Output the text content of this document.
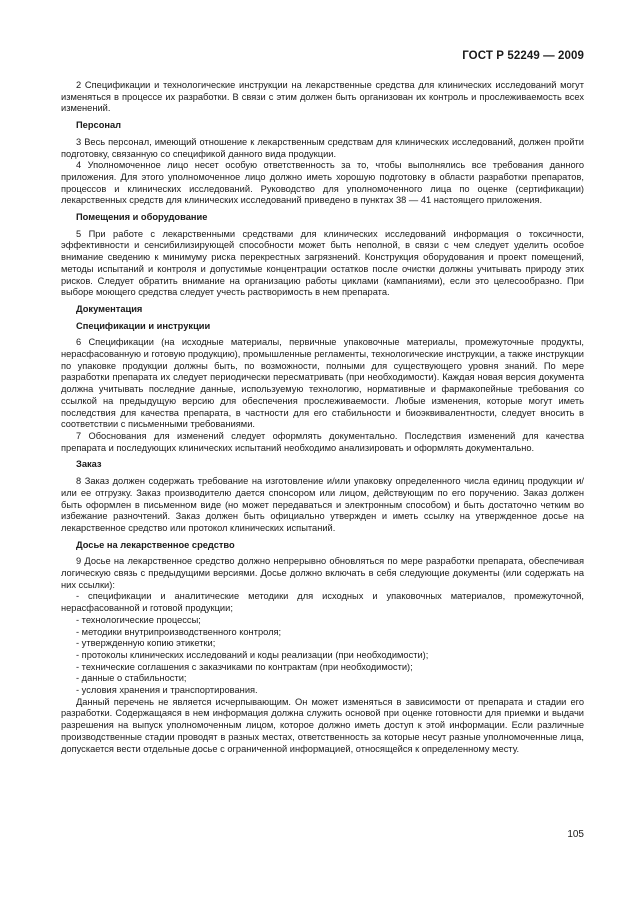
ГОСТ Р 52249 — 2009

2 Спецификации и технологические инструкции на лекарственные средства для клинических исследований могут изменяться в процессе их разработки. В связи с этим должен быть организован их контроль и прослеживаемость всех изменений.

Персонал

3 Весь персонал, имеющий отношение к лекарственным средствам для клинических исследований, должен пройти подготовку, связанную со спецификой данного вида продукции.

4 Уполномоченное лицо несет особую ответственность за то, чтобы выполнялись все требования данного приложения. Для этого уполномоченное лицо должно иметь хорошую подготовку в области разработки препаратов, процессов и клинических исследований. Руководство для уполномоченного лица по оценке (сертификации) лекарственных средств для клинических исследований приведено в пунктах 38 — 41 настоящего приложения.

Помещения и оборудование

5 При работе с лекарственными средствами для клинических исследований информация о токсичности, эффективности и сенсибилизирующей способности может быть неполной, в связи с чем следует уделить особое внимание сведению к минимуму риска перекрестных загрязнений. Конструкция оборудования и проект помещений, методы испытаний и контроля и допустимые концентрации остатков после очистки должны учитывать природу этих рисков. Следует обратить внимание на организацию работы циклами (кампаниями), если это целесообразно. При выборе моющего средства следует учесть растворимость в нем препарата.

Документация
Спецификации и инструкции

6 Спецификации (на исходные материалы, первичные упаковочные материалы, промежуточные продукты, нерасфасованную и готовую продукцию), промышленные регламенты, технологические инструкции, а также инструкции по упаковке продукции должны быть, по возможности, полными для существующего уровня знаний. По мере разработки препарата их следует периодически пересматривать (при необходимости). Каждая новая версия документа должна учитывать последние данные, используемую технологию, нормативные и фармакопейные требования со ссылкой на предыдущую версию для обеспечения прослеживаемости. Любые изменения, которые могут иметь последствия для качества препарата, в частности для его стабильности и биоэквивалентности, следует вносить в соответствии с письменными требованиями.

7 Обоснования для изменений следует оформлять документально. Последствия изменений для качества препарата и последующих клинических испытаний необходимо анализировать и оформлять документально.

Заказ

8 Заказ должен содержать требование на изготовление и/или упаковку определенного числа единиц продукции и/или ее отгрузку. Заказ производителю дается спонсором или лицом, действующим по его поручению. Заказ должен быть оформлен в письменном виде (но может передаваться и электронным способом) и быть достаточно четким во избежание разночтений. Заказ должен быть официально утвержден и иметь ссылку на утвержденное досье на лекарственное средство или протокол клинических испытаний.

Досье на лекарственное средство

9 Досье на лекарственное средство должно непрерывно обновляться по мере разработки препарата, обеспечивая логическую связь с предыдущими версиями. Досье должно включать в себя следующие документы (или содержать на них ссылки):

- спецификации и аналитические методики для исходных и упаковочных материалов, промежуточной, нерасфасованной и готовой продукции;
- технологические процессы;
- методики внутрипроизводственного контроля;
- утвержденную копию этикетки;
- протоколы клинических исследований и коды реализации (при необходимости);
- технические соглашения с заказчиками по контрактам (при необходимости);
- данные о стабильности;
- условия хранения и транспортирования.

Данный перечень не является исчерпывающим. Он может изменяться в зависимости от препарата и стадии его разработки. Содержащаяся в нем информация должна служить основой при оценке готовности для приемки и выдачи разрешения на выпуск уполномоченным лицом, которое должно иметь доступ к этой информации. Если различные производственные стадии проводят в разных местах, ответственность за которые несут разные уполномоченные лица, допускается вести отдельные досье с ограниченной информацией, относящейся к определенному месту.

105
